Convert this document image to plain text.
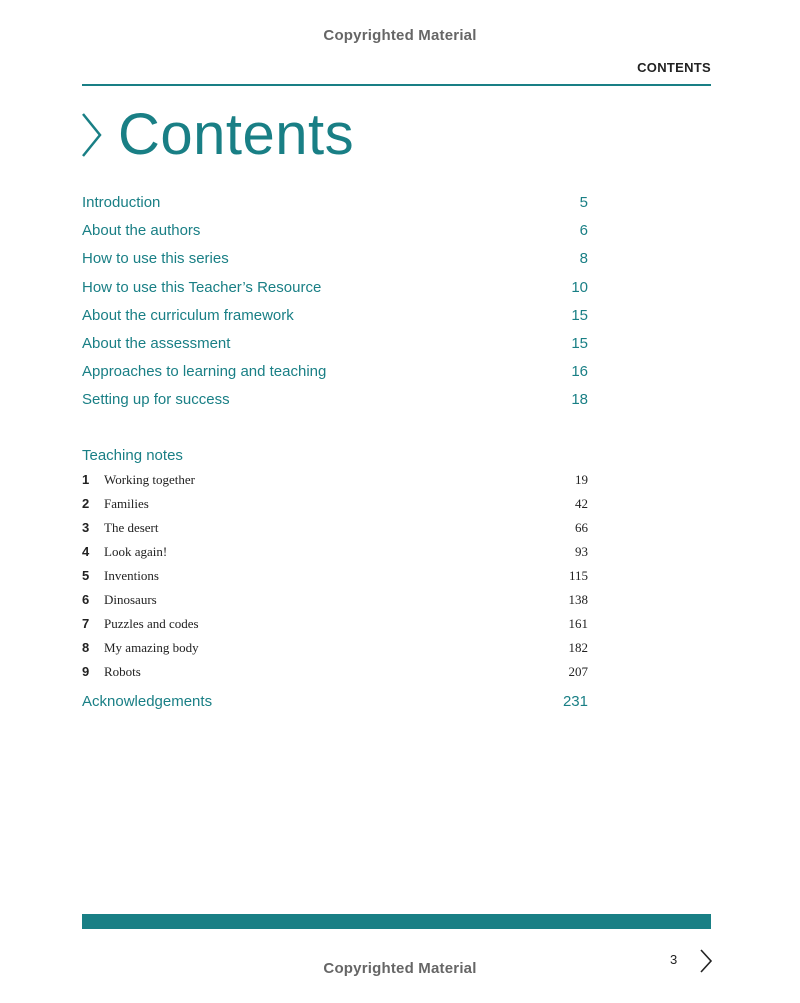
Copyrighted Material
CONTENTS
Contents
Introduction	5
About the authors	6
How to use this series	8
How to use this Teacher’s Resource	10
About the curriculum framework	15
About the assessment	15
Approaches to learning and teaching	16
Setting up for success	18
Teaching notes
1	Working together	19
2	Families	42
3	The desert	66
4	Look again!	93
5	Inventions	115
6	Dinosaurs	138
7	Puzzles and codes	161
8	My amazing body	182
9	Robots	207
Acknowledgements	231
3
Copyrighted Material
